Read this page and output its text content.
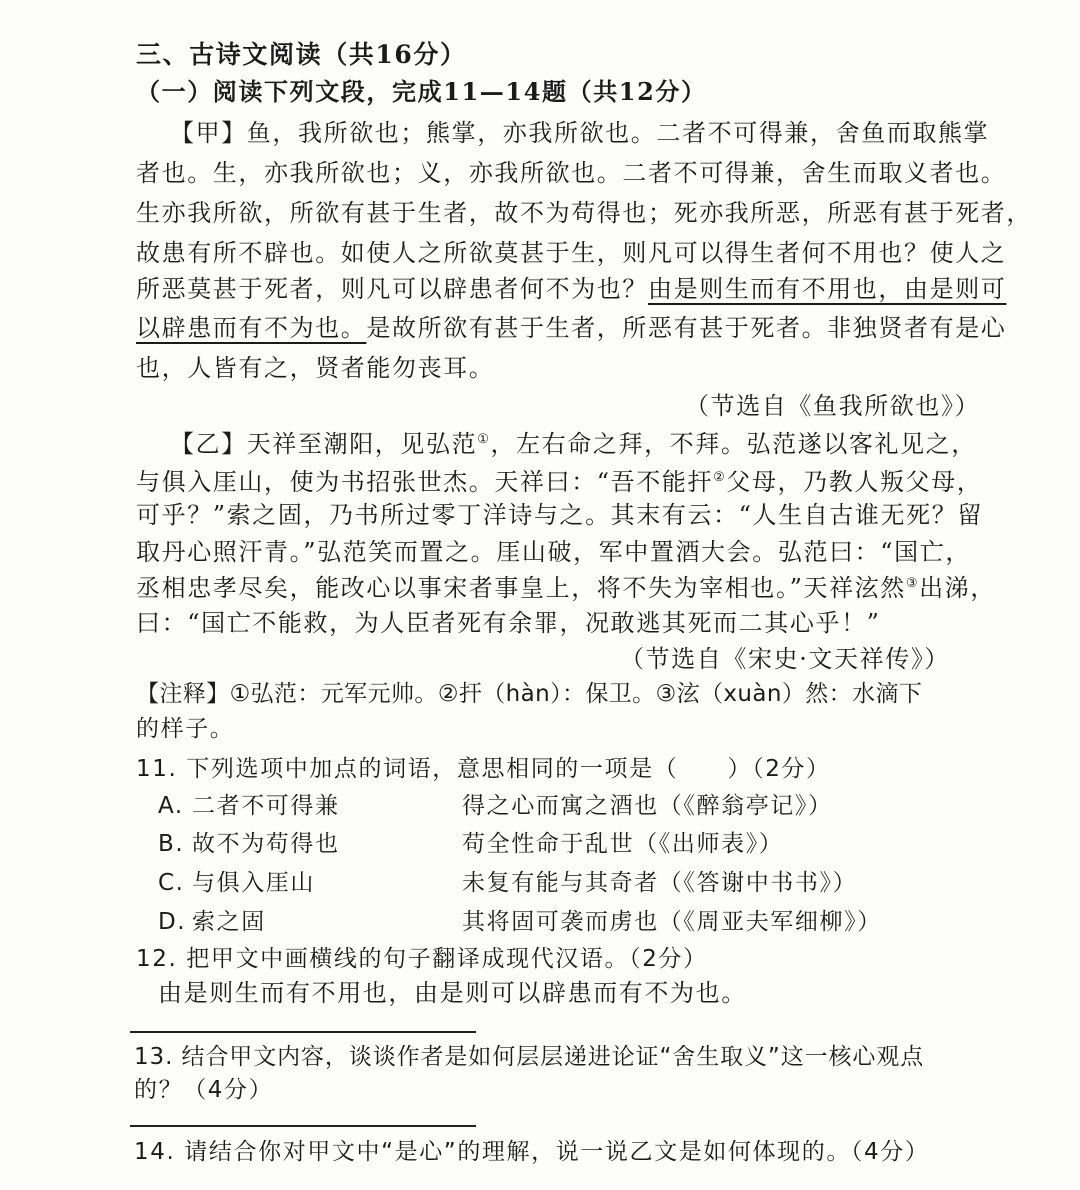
三、古诗文阅读（共16分）
（一）阅读下列文段，完成11—14题（共12分）
【甲】鱼，我所欲也；熊掌，亦我所欲也。二者不可得兼，舍鱼而取熊掌
者也。生，亦我所欲也；义，亦我所欲也。二者不可得兼，舍生而取义者也。
生亦我所欲，所欲有甚于生者，故不为苟得也；死亦我所恶，所恶有甚于死者，
故患有所不辟也。如使人之所欲莫甚于生，则凡可以得生者何不用也？使人之
所恶莫甚于死者，则凡可以辟患者何不为也？由是则生而有不用也，由是则可
以辟患而有不为也。是故所欲有甚于生者，所恶有甚于死者。非独贤者有是心
也，人皆有之，贤者能勿丧耳。
（节选自《鱼我所欲也》）
【乙】天祥至潮阳，见弘范①，左右命之拜，不拜。弘范遂以客礼见之，
与俱入厓山，使为书招张世杰。天祥曰：“吾不能扞②父母，乃教人叛父母，
可乎？”索之固，乃书所过零丁洋诗与之。其末有云：“人生自古谁无死？留
取丹心照汗青。”弘范笑而置之。厓山破，军中置酒大会。弘范曰：“国亡，
丞相忠孝尽矣，能改心以事宋者事皇上，将不失为宰相也。”天祥泫然③出涕，
曰：“国亡不能救，为人臣者死有余罪，况敢逃其死而二其心乎！”
（节选自《宋史·文天祥传》）
【注释】①弘范：元军元帅。②扞（hàn）：保卫。③泫（xuàn）然：水滴下
的样子。
11. 下列选项中加点的词语，意思相同的一项是（　　）（2分）
A. 二者不可得兼	得之心而寓之酒也（《醉翁亭记》）
B. 故不为苟得也	苟全性命于乱世（《出师表》）
C. 与俱入厓山	未复有能与其奇者（《答谢中书书》）
D. 索之固	其将固可袭而虏也（《周亚夫军细柳》）
12. 把甲文中画横线的句子翻译成现代汉语。（2分）
由是则生而有不用也，由是则可以辟患而有不为也。
13. 结合甲文内容，谈谈作者是如何层层递进论证“舍生取义”这一核心观点
的？（4分）
14. 请结合你对甲文中“是心”的理解，说一说乙文是如何体现的。（4分）
